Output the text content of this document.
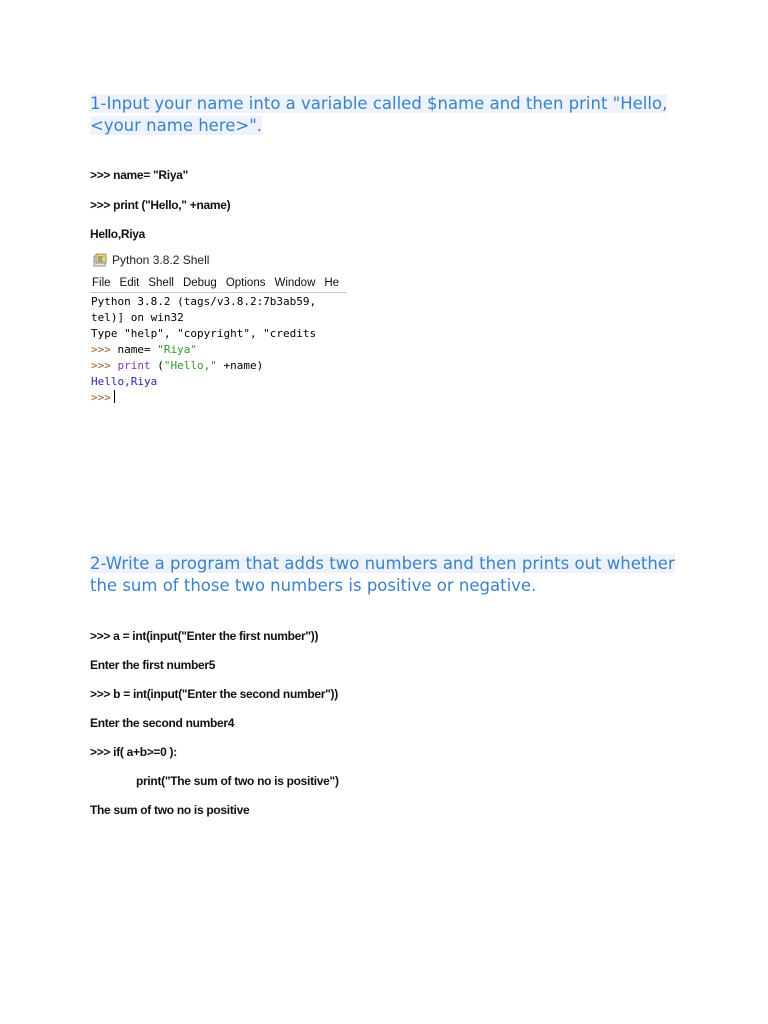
1-Input your name into a variable called $name and then print "Hello,
<your name here>".

>>> name= "Riya"

>>> print ("Hello," +name)

Hello,Riya

Python 3.8.2 Shell
File Edit Shell Debug Options Window He
Python 3.8.2 (tags/v3.8.2:7b3ab59,
tel)] on win32
Type "help", "copyright", "credits
>>> name= "Riya"
>>> print ("Hello," +name)
Hello,Riya
>>>
2-Write a program that adds two numbers and then prints out whether
the sum of those two numbers is positive or negative.

>>> a = int(input("Enter the first number"))

Enter the first number5

>>> b = int(input("Enter the second number"))

Enter the second number4

>>> if( a+b>=0 ):

print("The sum of two no is positive")

The sum of two no is positive
